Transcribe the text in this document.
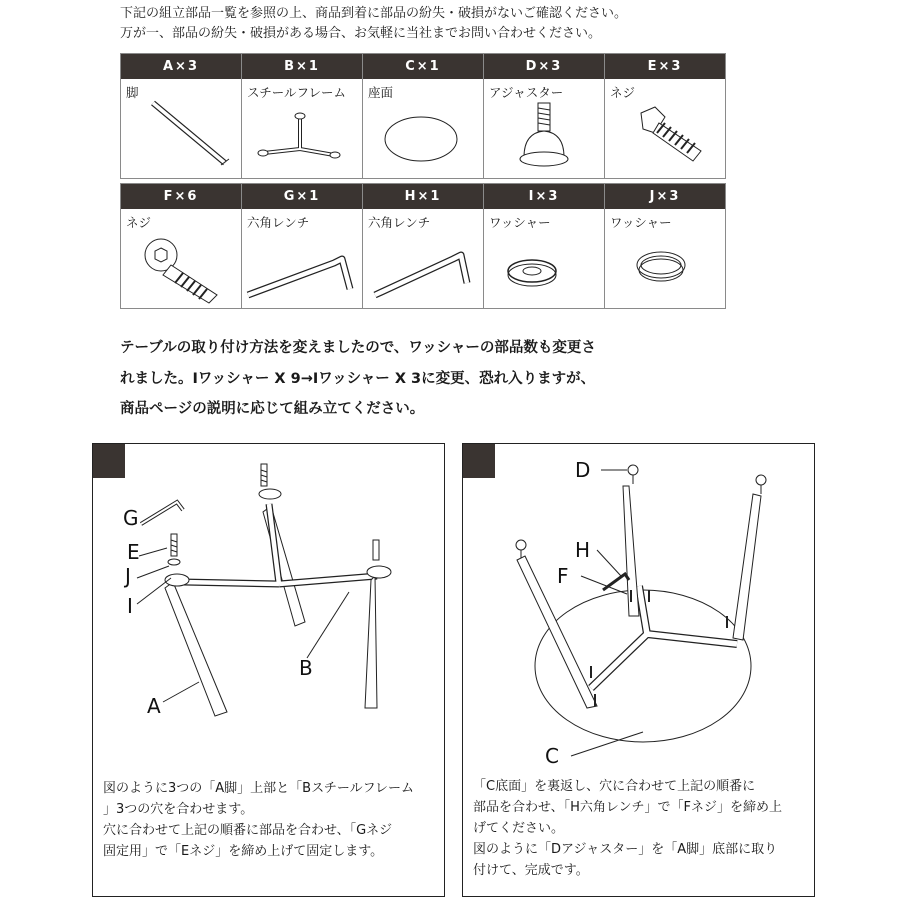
下記の組立部品一覧を参照の上、商品到着に部品の紛失・破損がないご確認ください。
万が一、部品の紛失・破損がある場合、お気軽に当社までお問い合わせください。
A×3
脚
B×1
スチールフレーム
C×1
座面
D×3
アジャスター
E×3
ネジ
F×6
ネジ
G×1
六角レンチ
H×1
六角レンチ
I×3
ワッシャー
J×3
ワッシャー
テーブルの取り付け方法を変えましたので、ワッシャーの部品数も変更さ
れました。Iワッシャー X 9→Iワッシャー X 3に変更、恐れ入りますが、
商品ページの説明に応じて組み立てください。
G
E
J
I
A
B
図のように3つの「A脚」上部と「Bスチールフレーム
」3つの穴を合わせます。
穴に合わせて上記の順番に部品を合わせ、「Gネジ
固定用」で「Eネジ」を締め上げて固定します。
D
H
F
C
「C底面」を裏返し、穴に合わせて上記の順番に
部品を合わせ、「H六角レンチ」で「Fネジ」を締め上
げてください。
図のように「Dアジャスター」を「A脚」底部に取り
付けて、完成です。
